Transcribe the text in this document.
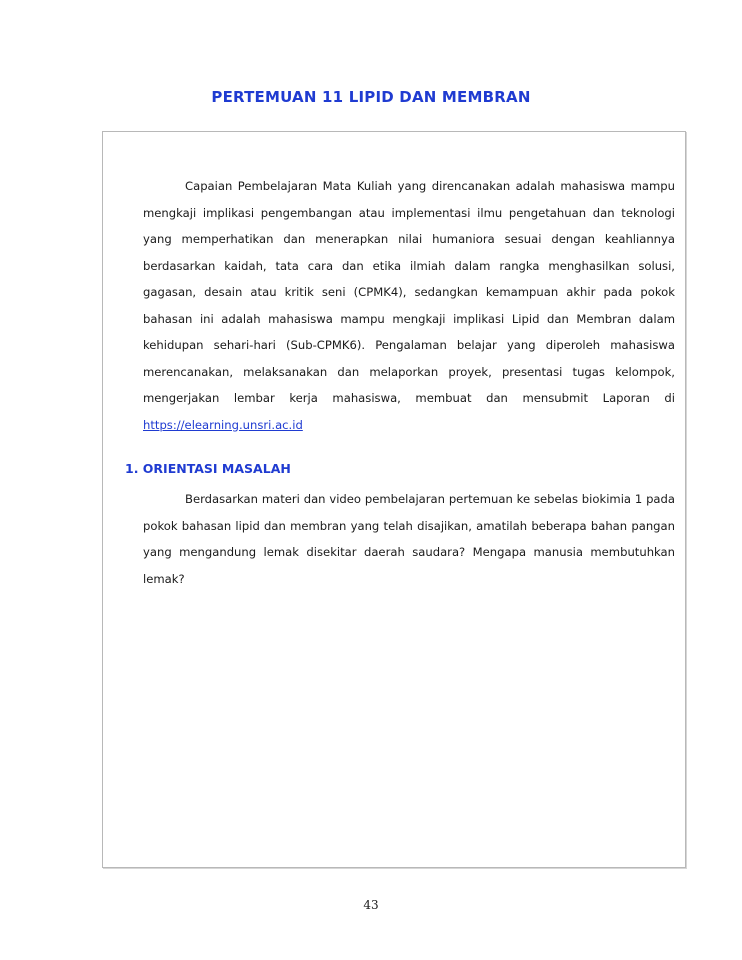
PERTEMUAN 11 LIPID DAN MEMBRAN

Capaian Pembelajaran Mata Kuliah yang direncanakan adalah mahasiswa mampu mengkaji implikasi pengembangan atau implementasi ilmu pengetahuan dan teknologi yang memperhatikan dan menerapkan nilai humaniora sesuai dengan keahliannya berdasarkan kaidah, tata cara dan etika ilmiah dalam rangka menghasilkan solusi, gagasan, desain atau kritik seni (CPMK4), sedangkan kemampuan akhir pada pokok bahasan ini adalah mahasiswa mampu mengkaji implikasi Lipid dan Membran dalam kehidupan sehari-hari (Sub-CPMK6). Pengalaman belajar yang diperoleh mahasiswa merencanakan, melaksanakan dan melaporkan proyek, presentasi tugas kelompok, mengerjakan lembar kerja mahasiswa, membuat dan mensubmit Laporan di https://elearning.unsri.ac.id

1. ORIENTASI MASALAH

Berdasarkan materi dan video pembelajaran pertemuan ke sebelas biokimia 1 pada pokok bahasan lipid dan membran yang telah disajikan, amatilah beberapa bahan pangan yang mengandung lemak disekitar daerah saudara? Mengapa manusia membutuhkan lemak?

43
